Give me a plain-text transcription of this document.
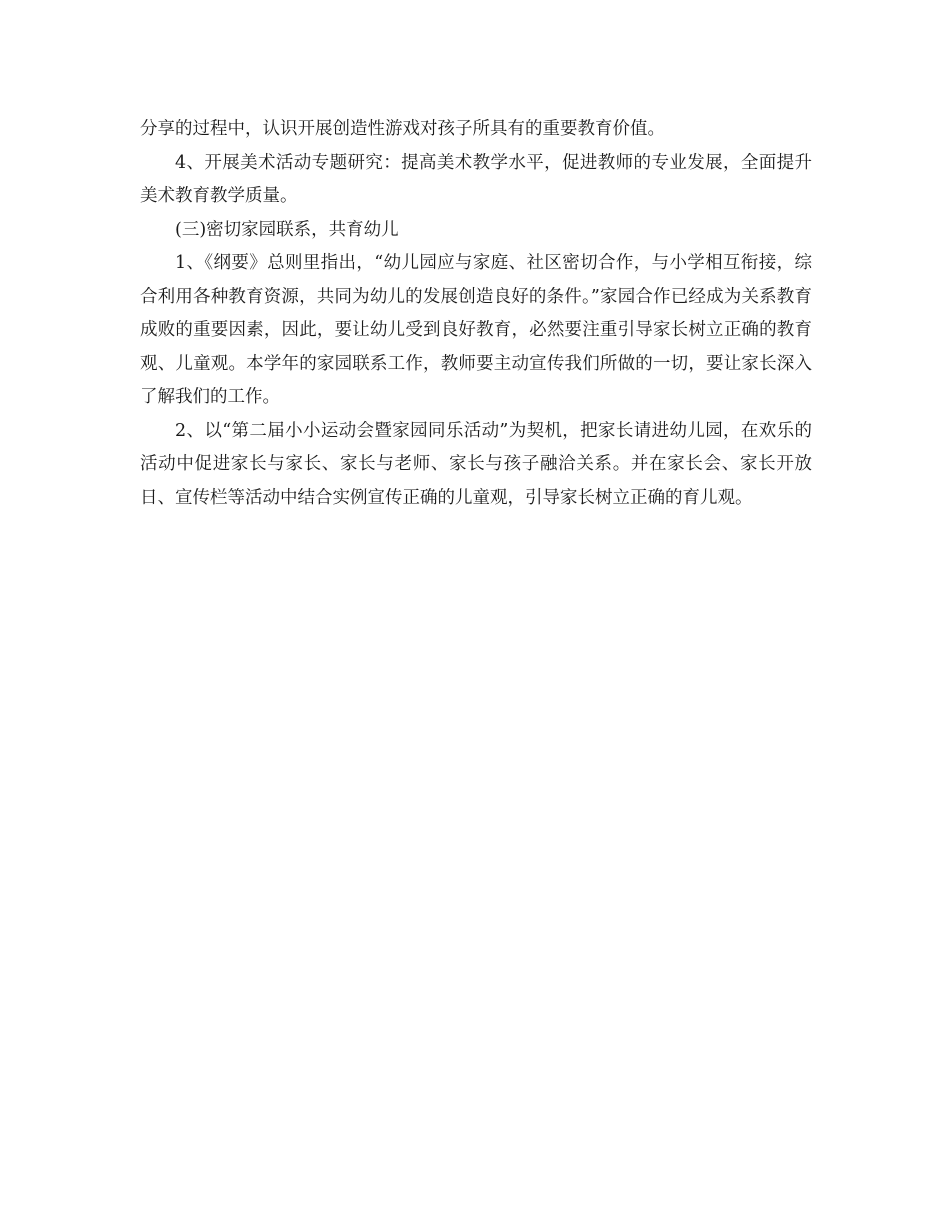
分享的过程中，认识开展创造性游戏对孩子所具有的重要教育价值。

4、开展美术活动专题研究：提高美术教学水平，促进教师的专业发展，全面提升美术教育教学质量。

(三)密切家园联系，共育幼儿

1、《纲要》总则里指出，“幼儿园应与家庭、社区密切合作，与小学相互衔接，综合利用各种教育资源，共同为幼儿的发展创造良好的条件。”家园合作已经成为关系教育成败的重要因素，因此，要让幼儿受到良好教育，必然要注重引导家长树立正确的教育观、儿童观。本学年的家园联系工作，教师要主动宣传我们所做的一切，要让家长深入了解我们的工作。

2、以“第二届小小运动会暨家园同乐活动”为契机，把家长请进幼儿园，在欢乐的活动中促进家长与家长、家长与老师、家长与孩子融洽关系。并在家长会、家长开放日、宣传栏等活动中结合实例宣传正确的儿童观，引导家长树立正确的育儿观。
